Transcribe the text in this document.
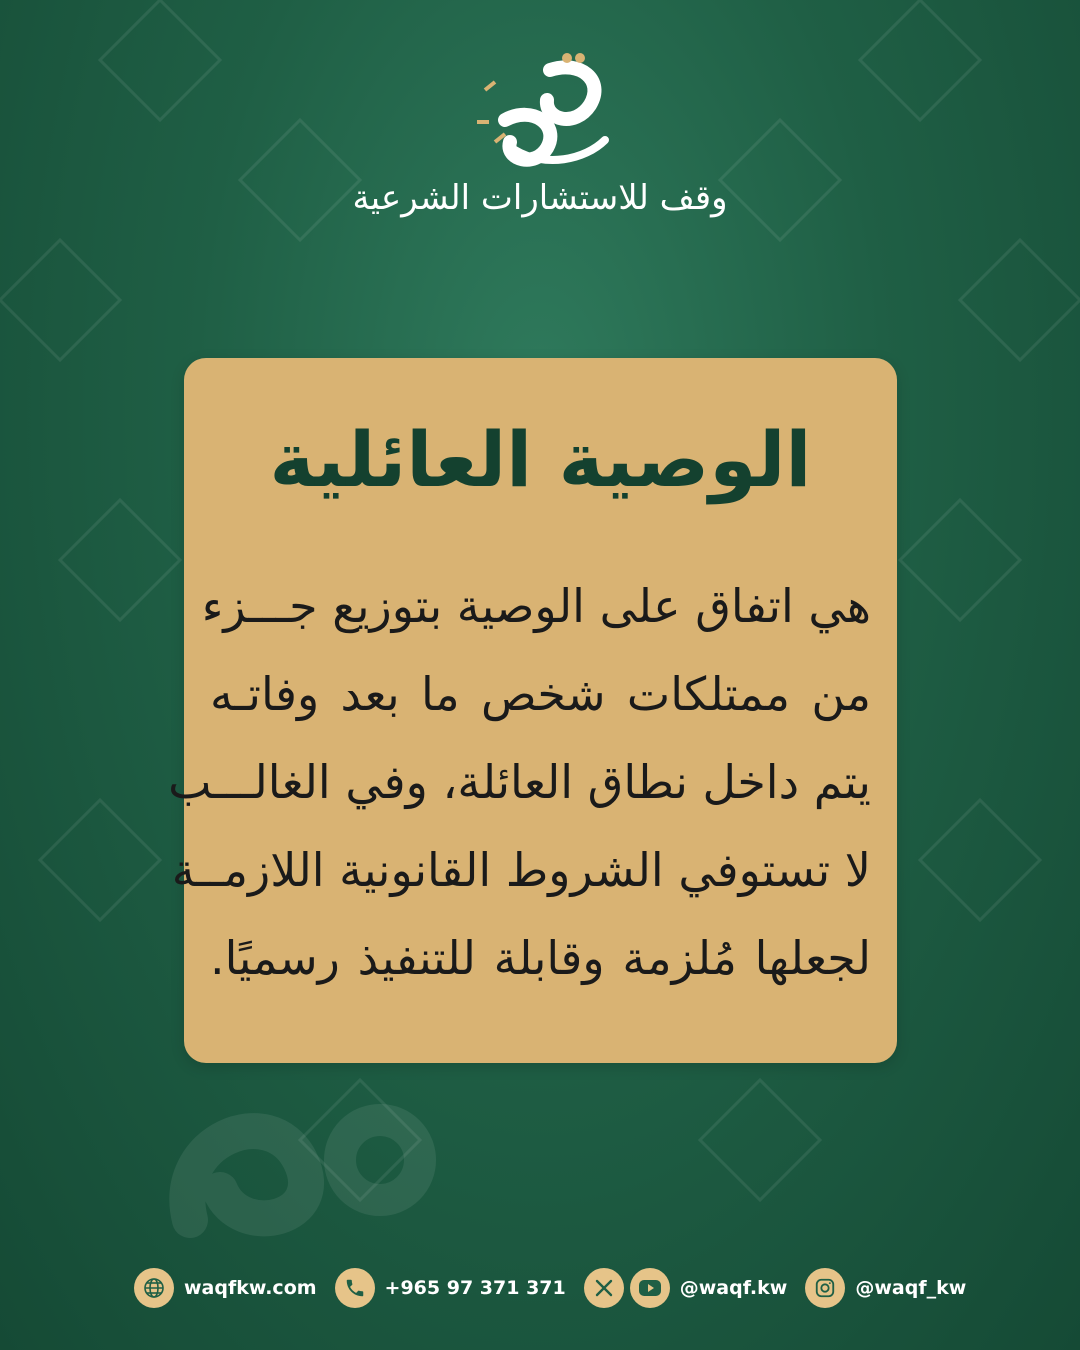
وقف للاستشارات الشرعية
الوصية العائلية
هي اتفاق على الوصية بتوزيع جـــزء
من ممتلكات شخص ما بعد وفاتـه
يتم داخل نطاق العائلة، وفي الغالـــب
لا تستوفي الشروط القانونية اللازمــة
لجعلها مُلزمة وقابلة للتنفيذ رسميًا.
waqfkw.com	+965 97 371 371	@waqf.kw	@waqf_kw
